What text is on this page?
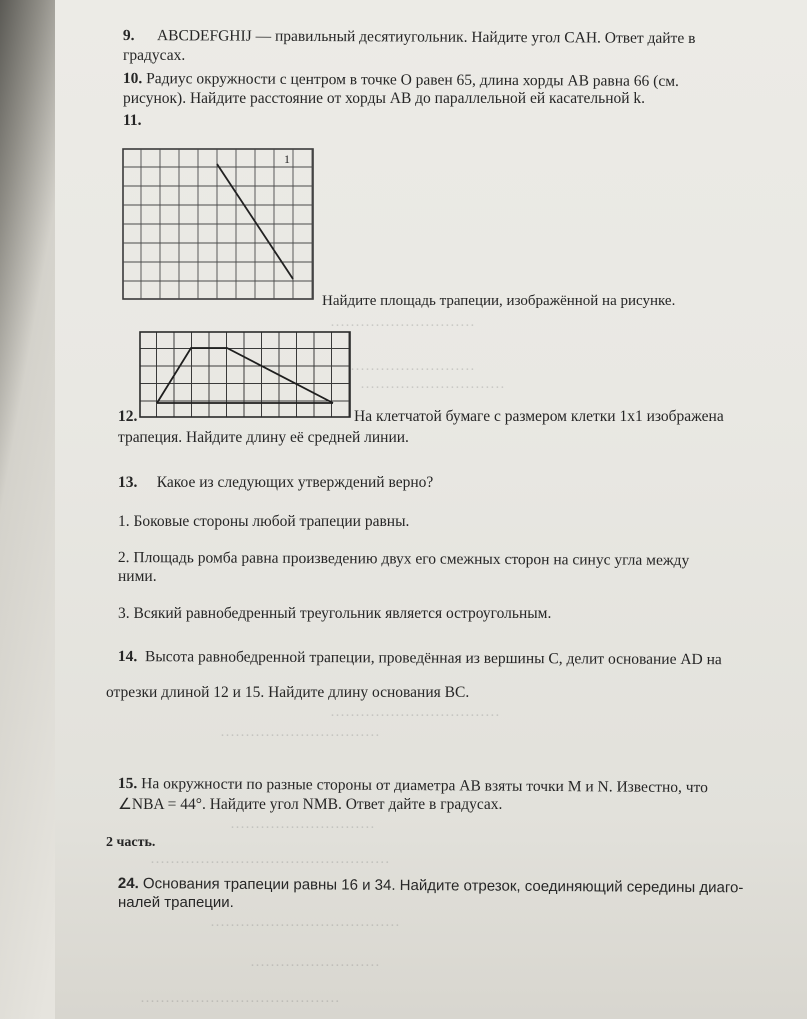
·····························
·························
·····························
··································
································
·····························
················································
······································
··························
········································
9. ABCDEFGHIJ — правильный десятиугольник. Найдите угол CAH. Ответ дайте в
градусах.
10. Радиус окружности с центром в точке O равен 65, длина хорды AB равна 66 (см.
рисунок). Найдите расстояние от хорды AB до параллельной ей касательной k.
11.
1
Найдите площадь трапеции, изображённой на рисунке.
12.	На клетчатой бумаге с размером клетки 1x1 изображена
трапеция. Найдите длину её средней линии.
13. Какое из следующих утверждений верно?
1. Боковые стороны любой трапеции равны.
2. Площадь ромба равна произведению двух его смежных сторон на синус угла между
ними.
3. Всякий равнобедренный треугольник является остроугольным.
14. Высота равнобедренной трапеции, проведённая из вершины C, делит основание AD на
отрезки длиной 12 и 15. Найдите длину основания BC.
15. На окружности по разные стороны от диаметра AB взяты точки M и N. Известно, что
∠NBA = 44°. Найдите угол NMB. Ответ дайте в градусах.
2 часть.
24. Основания трапеции равны 16 и 34. Найдите отрезок, соединяющий середины диаго-
налей трапеции.
